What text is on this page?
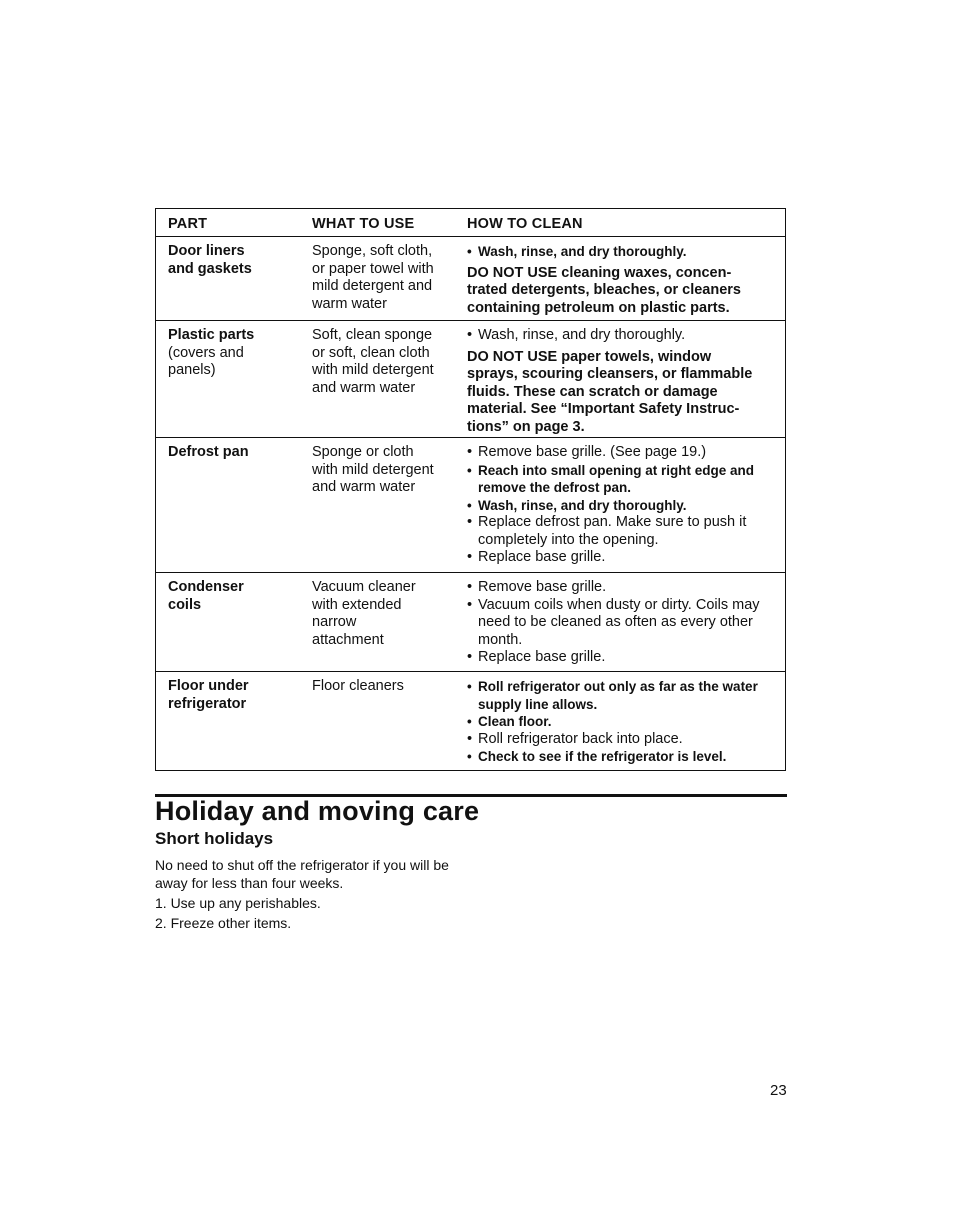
PART	WHAT TO USE	HOW TO CLEAN
Door liners
and gaskets
Sponge, soft cloth,
or paper towel with
mild detergent and
warm water
• Wash, rinse, and dry thoroughly.
DO NOT USE cleaning waxes, concen-
trated detergents, bleaches, or cleaners
containing petroleum on plastic parts.
Plastic parts
(covers and
panels)
Soft, clean sponge
or soft, clean cloth
with mild detergent
and warm water
• Wash, rinse, and dry thoroughly.
DO NOT USE paper towels, window
sprays, scouring cleansers, or flammable
fluids. These can scratch or damage
material. See “Important Safety Instruc-
tions” on page 3.
Defrost pan	Sponge or cloth
with mild detergent
and warm water
• Remove base grille. (See page 19.)
• Reach into small opening at right edge and remove the defrost pan.
• Wash, rinse, and dry thoroughly.
• Replace defrost pan. Make sure to push it completely into the opening.
• Replace base grille.
Condenser
coils
Vacuum cleaner
with extended
narrow
attachment
• Remove base grille.
• Vacuum coils when dusty or dirty. Coils may need to be cleaned as often as every other month.
• Replace base grille.
Floor under
refrigerator
Floor cleaners
•	Roll refrigerator out only as far as the water supply line allows.
• Clean floor.
• Roll refrigerator back into place.
• Check to see if the refrigerator is level.
Holiday and moving care
Short holidays

No need to shut off the refrigerator if you will be away for less than four weeks.

1. Use up any perishables.
2. Freeze other items.
23
